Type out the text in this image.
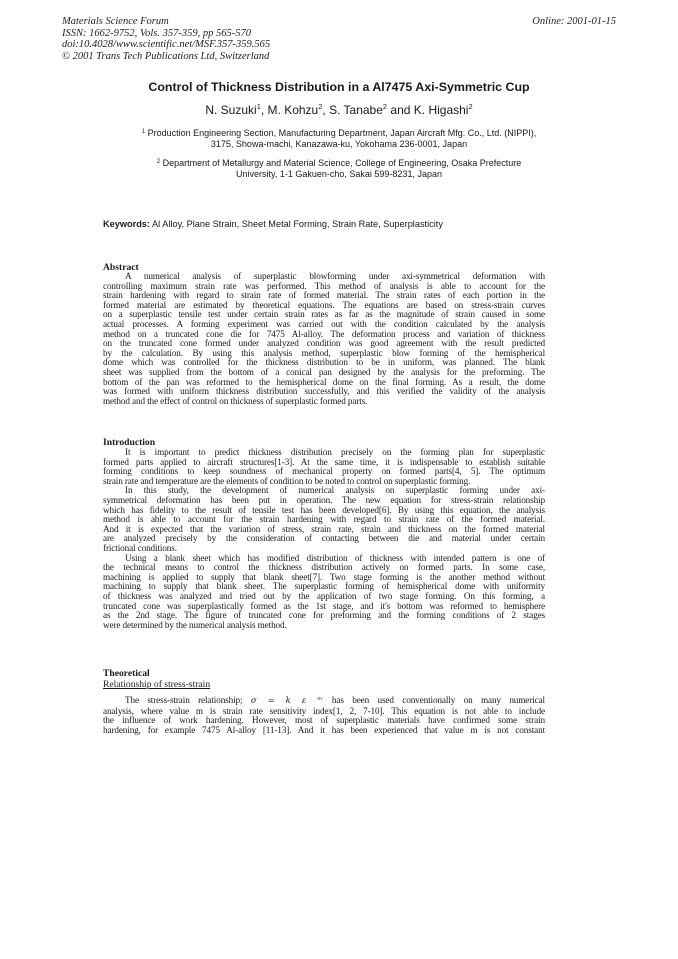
Materials Science Forum
ISSN: 1662-9752, Vols. 357-359, pp 565-570
doi:10.4028/www.scientific.net/MSF.357-359.565
© 2001 Trans Tech Publications Ltd, Switzerland
Online: 2001-01-15
Control of Thickness Distribution in a Al7475 Axi-Symmetric Cup
N. Suzuki$^1$, M. Kohzu$^2$, S. Tanabe$^2$ and K. Higashi$^2$
$^1$ Production Engineering Section, Manufacturing Department, Japan Aircraft Mfg. Co., Ltd. (NIPPI),
3175, Showa-machi, Kanazawa-ku, Yokohama 236-0001, Japan
$^2$ Department of Metallurgy and Material Science, College of Engineering, Osaka Prefecture
University, 1-1 Gakuen-cho, Sakai 599-8231, Japan
Keywords: Al Alloy, Plane Strain, Sheet Metal Forming, Strain Rate, Superplasticity
Abstract
A numerical analysis of superplastic blowforming under axi-symmetrical deformation with
controlling maximum strain rate was performed. This method of analysis is able to account for the
strain hardening with regard to strain rate of formed material. The strain rates of each portion in the
formed material are estimated by theoretical equations. The equations are based on stress-strain curves
on a superplastic tensile test under certain strain rates as far as the magnitude of strain caused in some
actual processes. A forming experiment was carried out with the condition calculated by the analysis
method on a truncated cone die for 7475 Al-alloy. The deformation process and variation of thickness
on the truncated cone formed under analyzed condition was good agreement with the result predicted
by the calculation. By using this analysis method, superplastic blow forming of the hemispherical
dome which was controlled for the thickness distribution to be in uniform, was planned. The blank
sheet was supplied from the bottom of a conical pan designed by the analysis for the preforming. The
bottom of the pan was reformed to the hemispherical dome on the final forming. As a result, the dome
was formed with uniform thickness distribution successfully, and this verified the validity of the analysis
method and the effect of control on thickness of superplastic formed parts.
Introduction
It is important to predict thickness distribution precisely on the forming plan for superplastic
formed parts applied to aircraft structures[1-3]. At the same time, it is indispensable to establish suitable
forming conditions to keep soundness of mechanical property on formed parts[4, 5]. The optimum
strain rate and temperature are the elements of condition to be noted to control on superplastic forming.
In this study, the development of numerical analysis on superplastic forming under axi-
symmetrical deformation has been put in operation. The new equation for stress-strain relationship
which has fidelity to the result of tensile test has been developed[6]. By using this equation, the analysis
method is able to account for the strain hardening with regard to strain rate of the formed material.
And it is expected that the variation of stress, strain rate, strain and thickness on the formed material
are analyzed precisely by the consideration of contacting between die and material under certain
frictional conditions.
Using a blank sheet which has modified distribution of thickness with intended pattern is one of
the technical means to control the thickness distribution actively on formed parts. In some case,
machining is applied to supply that blank sheet[7]. Two stage forming is the another method without
machining to supply that blank sheet. The superplastic forming of hemispherical dome with uniformity
of thickness was analyzed and tried out by the application of two stage forming. On this forming, a
truncated cone was superplastically formed as the 1st stage, and it's bottom was reformed to hemisphere
as the 2nd stage. The figure of truncated cone for preforming and the forming conditions of 2 stages
were determined by the numerical analysis method.
Theoretical
Relationship of stress-strain
The stress-strain relationship; σ = k ε ᵐ has been used conventionally on many numerical
analysis, where value m is strain rate sensitivity index[1, 2, 7-10]. This equation is not able to include
the influence of work hardening. However, most of superplastic materials have confirmed some strain
hardening, for example 7475 Al-alloy [11-13]. And it has been experienced that value m is not constant
